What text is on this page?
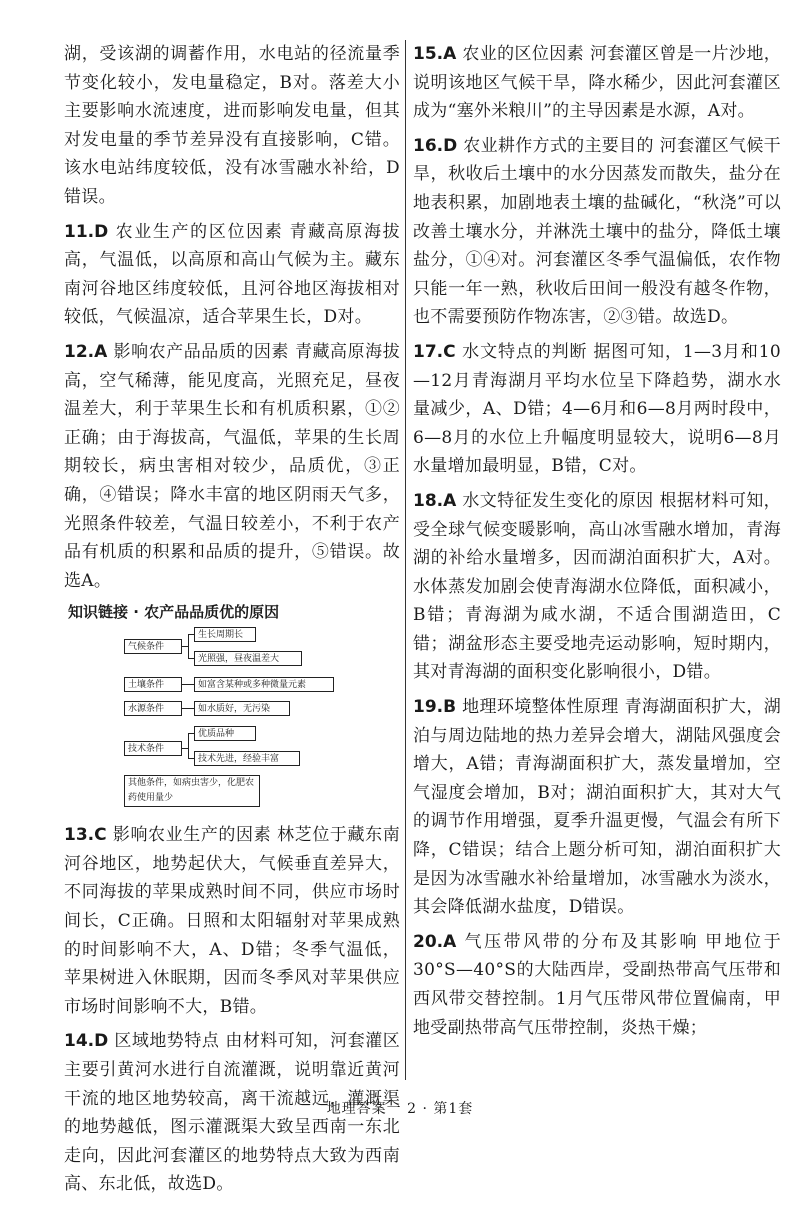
湖，受该湖的调蓄作用，水电站的径流量季节变化较小，发电量稳定，B对。落差大小主要影响水流速度，进而影响发电量，但其对发电量的季节差异没有直接影响，C错。该水电站纬度较低，没有冰雪融水补给，D错误。

11.D 农业生产的区位因素 青藏高原海拔高，气温低，以高原和高山气候为主。藏东南河谷地区纬度较低，且河谷地区海拔相对较低，气候温凉，适合苹果生长，D对。

12.A 影响农产品品质的因素 青藏高原海拔高，空气稀薄，能见度高，光照充足，昼夜温差大，利于苹果生长和有机质积累，①②正确；由于海拔高，气温低，苹果的生长周期较长，病虫害相对较少，品质优，③正确，④错误；降水丰富的地区阴雨天气多，光照条件较差，气温日较差小，不利于农产品有机质的积累和品质的提升，⑤错误。故选A。

知识链接 · 农产品品质优的原因
气候条件
生长周期长
光照强，昼夜温差大
土壤条件	如富含某种或多种微量元素
水源条件	如水质好，无污染
技术条件
优质品种
技术先进，经验丰富
其他条件，如病虫害少，化肥农药使用量少

13.C 影响农业生产的因素 林芝位于藏东南河谷地区，地势起伏大，气候垂直差异大，不同海拔的苹果成熟时间不同，供应市场时间长，C正确。日照和太阳辐射对苹果成熟的时间影响不大，A、D错；冬季气温低，苹果树进入休眠期，因而冬季风对苹果供应市场时间影响不大，B错。

14.D 区域地势特点 由材料可知，河套灌区主要引黄河水进行自流灌溉，说明靠近黄河干流的地区地势较高，离干流越远，灌溉渠的地势越低，图示灌溉渠大致呈西南一东北走向，因此河套灌区的地势特点大致为西南高、东北低，故选D。

15.A 农业的区位因素 河套灌区曾是一片沙地，说明该地区气候干旱，降水稀少，因此河套灌区成为“塞外米粮川”的主导因素是水源，A对。

16.D 农业耕作方式的主要目的 河套灌区气候干旱，秋收后土壤中的水分因蒸发而散失，盐分在地表积累，加剧地表土壤的盐碱化，“秋浇”可以改善土壤水分，并淋洗土壤中的盐分，降低土壤盐分，①④对。河套灌区冬季气温偏低，农作物只能一年一熟，秋收后田间一般没有越冬作物，也不需要预防作物冻害，②③错。故选D。

17.C 水文特点的判断 据图可知，1—3月和10—12月青海湖月平均水位呈下降趋势，湖水水量减少，A、D错；4—6月和6—8月两时段中，6—8月的水位上升幅度明显较大，说明6—8月水量增加最明显，B错，C对。

18.A 水文特征发生变化的原因 根据材料可知，受全球气候变暖影响，高山冰雪融水增加，青海湖的补给水量增多，因而湖泊面积扩大，A对。水体蒸发加剧会使青海湖水位降低，面积减小，B错；青海湖为咸水湖，不适合围湖造田，C错；湖盆形态主要受地壳运动影响，短时期内，其对青海湖的面积变化影响很小，D错。

19.B 地理环境整体性原理 青海湖面积扩大，湖泊与周边陆地的热力差异会增大，湖陆风强度会增大，A错；青海湖面积扩大，蒸发量增加，空气湿度会增加，B对；湖泊面积扩大，其对大气的调节作用增强，夏季升温更慢，气温会有所下降，C错误；结合上题分析可知，湖泊面积扩大是因为冰雪融水补给量增加，冰雪融水为淡水，其会降低湖水盐度，D错误。

20.A 气压带风带的分布及其影响 甲地位于30°S—40°S的大陆西岸，受副热带高气压带和西风带交替控制。1月气压带风带位置偏南，甲地受副热带高气压带控制，炎热干燥；

地理答案一 2 · 第1套
